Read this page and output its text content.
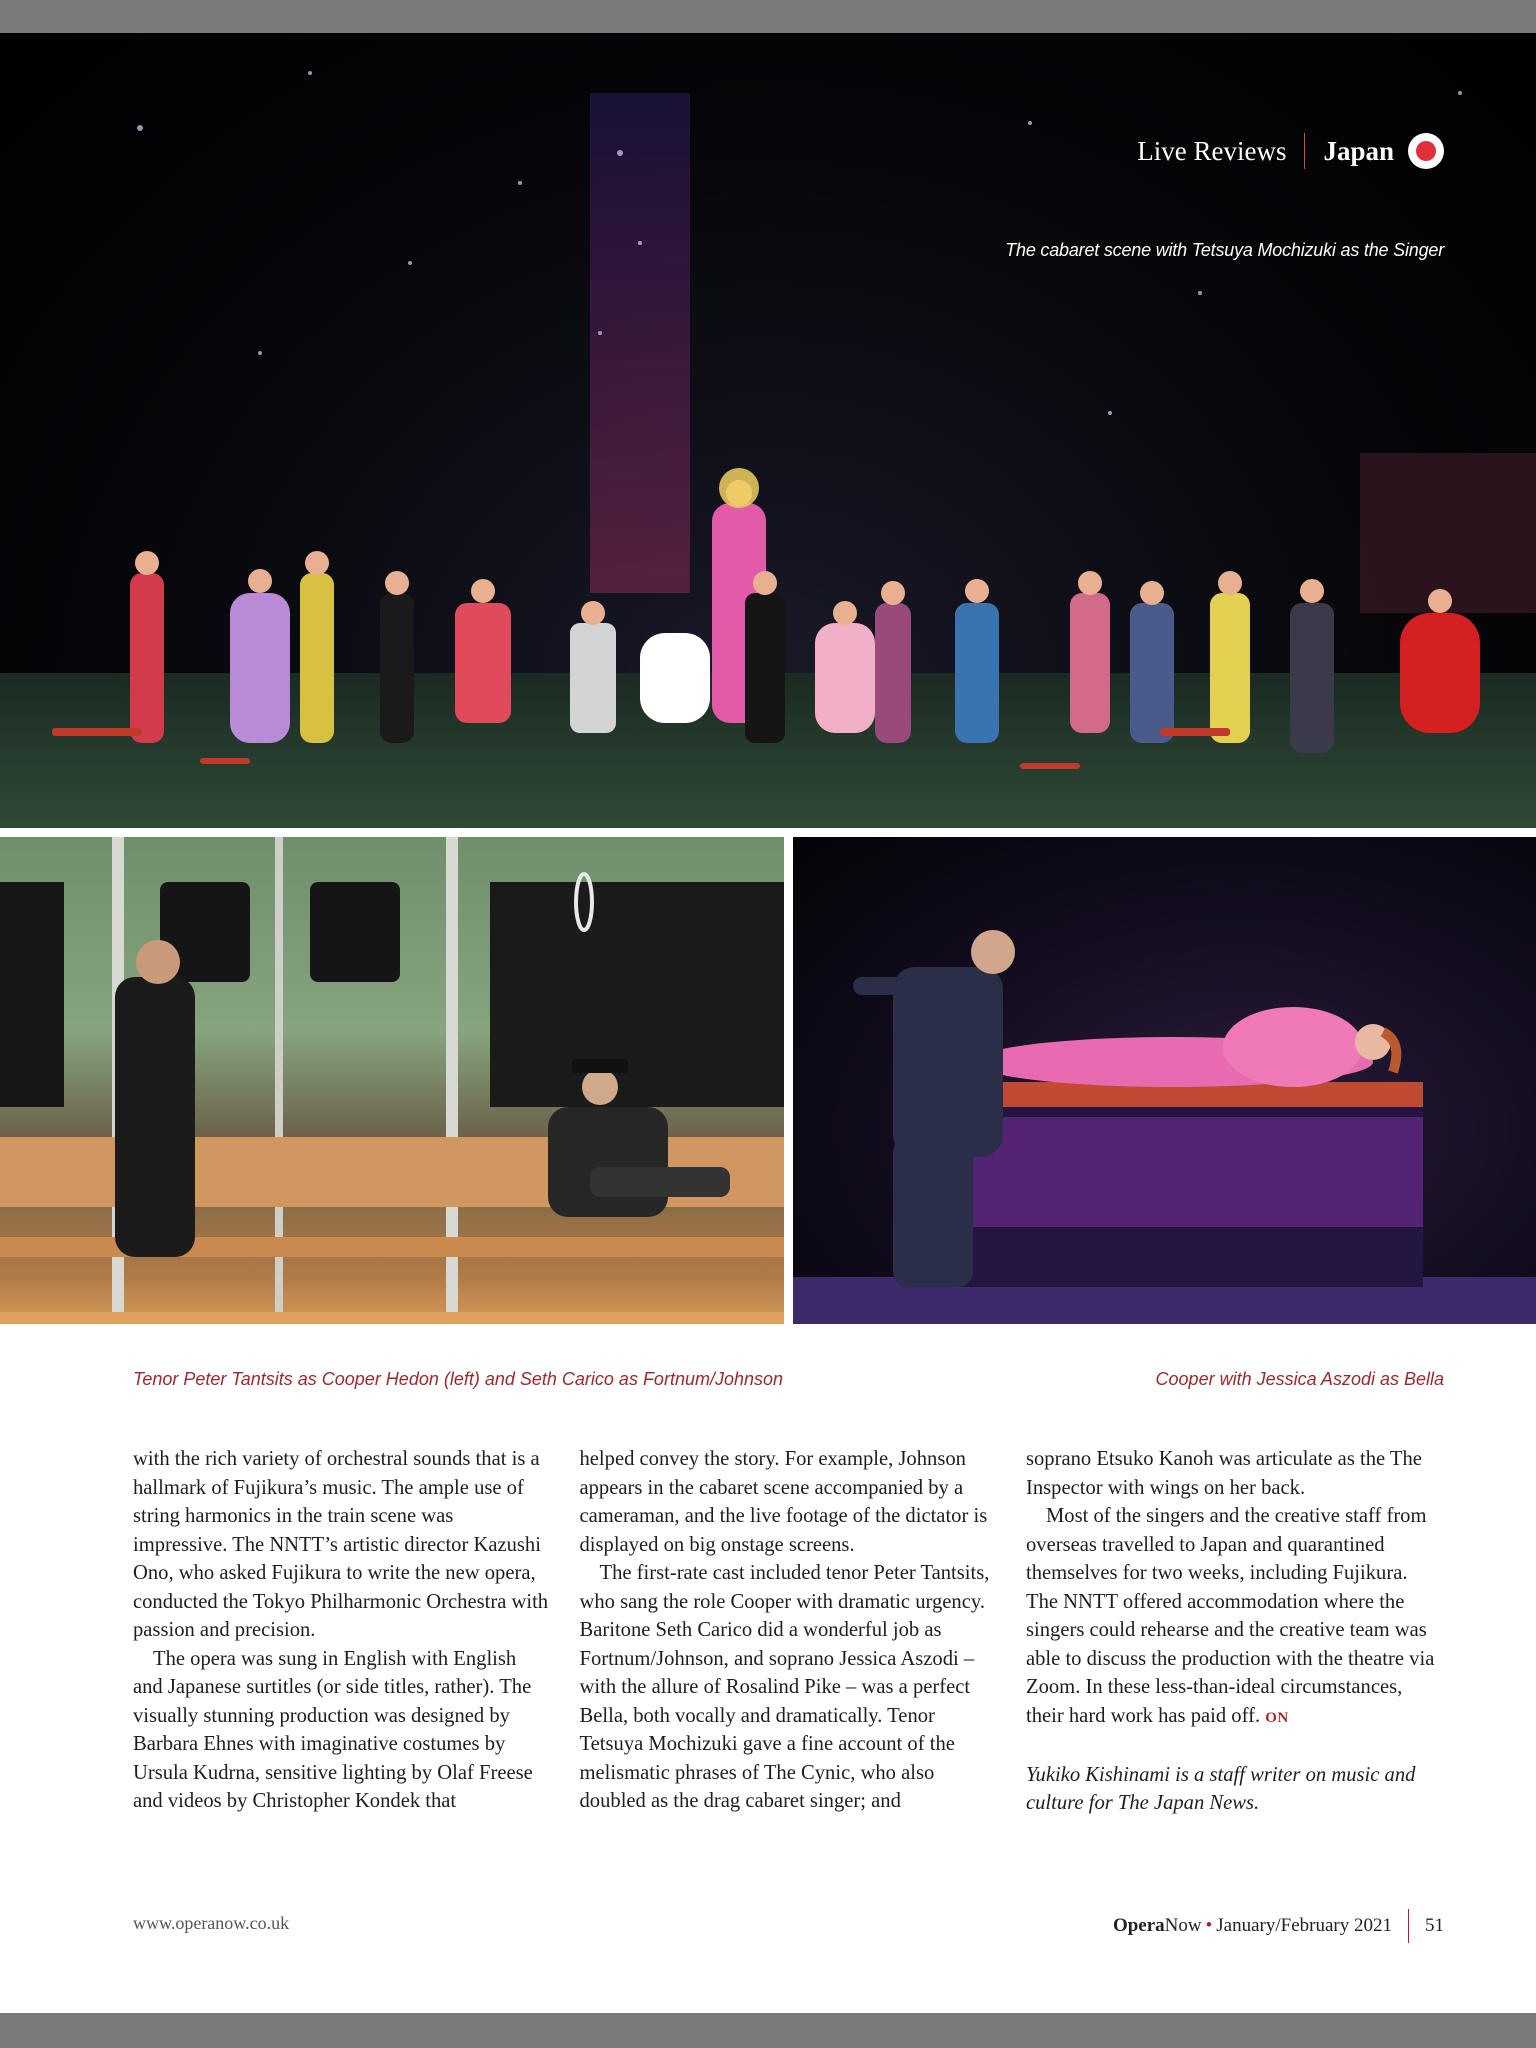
Live Reviews	Japan
The cabaret scene with Tetsuya Mochizuki as the Singer
Tenor Peter Tantsits as Cooper Hedon (left) and Seth Carico as Fortnum/Johnson	Cooper with Jessica Aszodi as Bella

with the rich variety of orchestral sounds that is a hallmark of Fujikura’s music. The ample use of string harmonics in the train scene was impressive. The NNTT’s artistic director Kazushi Ono, who asked Fujikura to write the new opera, conducted the Tokyo Philharmonic Orchestra with passion and precision.

The opera was sung in English with English and Japanese surtitles (or side titles, rather). The visually stunning production was designed by Barbara Ehnes with imaginative costumes by Ursula Kudrna, sensitive lighting by Olaf Freese and videos by Christopher Kondek that

helped convey the story. For example, Johnson appears in the cabaret scene accompanied by a cameraman, and the live footage of the dictator is displayed on big onstage screens.

The first-rate cast included tenor Peter Tantsits, who sang the role Cooper with dramatic urgency. Baritone Seth Carico did a wonderful job as Fortnum/Johnson, and soprano Jessica Aszodi – with the allure of Rosalind Pike – was a perfect Bella, both vocally and dramatically. Tenor Tetsuya Mochizuki gave a fine account of the melismatic phrases of The Cynic, who also doubled as the drag cabaret singer; and

soprano Etsuko Kanoh was articulate as the The Inspector with wings on her back.

Most of the singers and the creative staff from overseas travelled to Japan and quarantined themselves for two weeks, including Fujikura. The NNTT offered accommodation where the singers could rehearse and the creative team was able to discuss the production with the theatre via Zoom. In these less-than-ideal circumstances, their hard work has paid off. ON

Yukiko Kishinami is a staff writer on music and culture for The Japan News.

www.operanow.co.uk	Opera Now • January/February 2021 51
